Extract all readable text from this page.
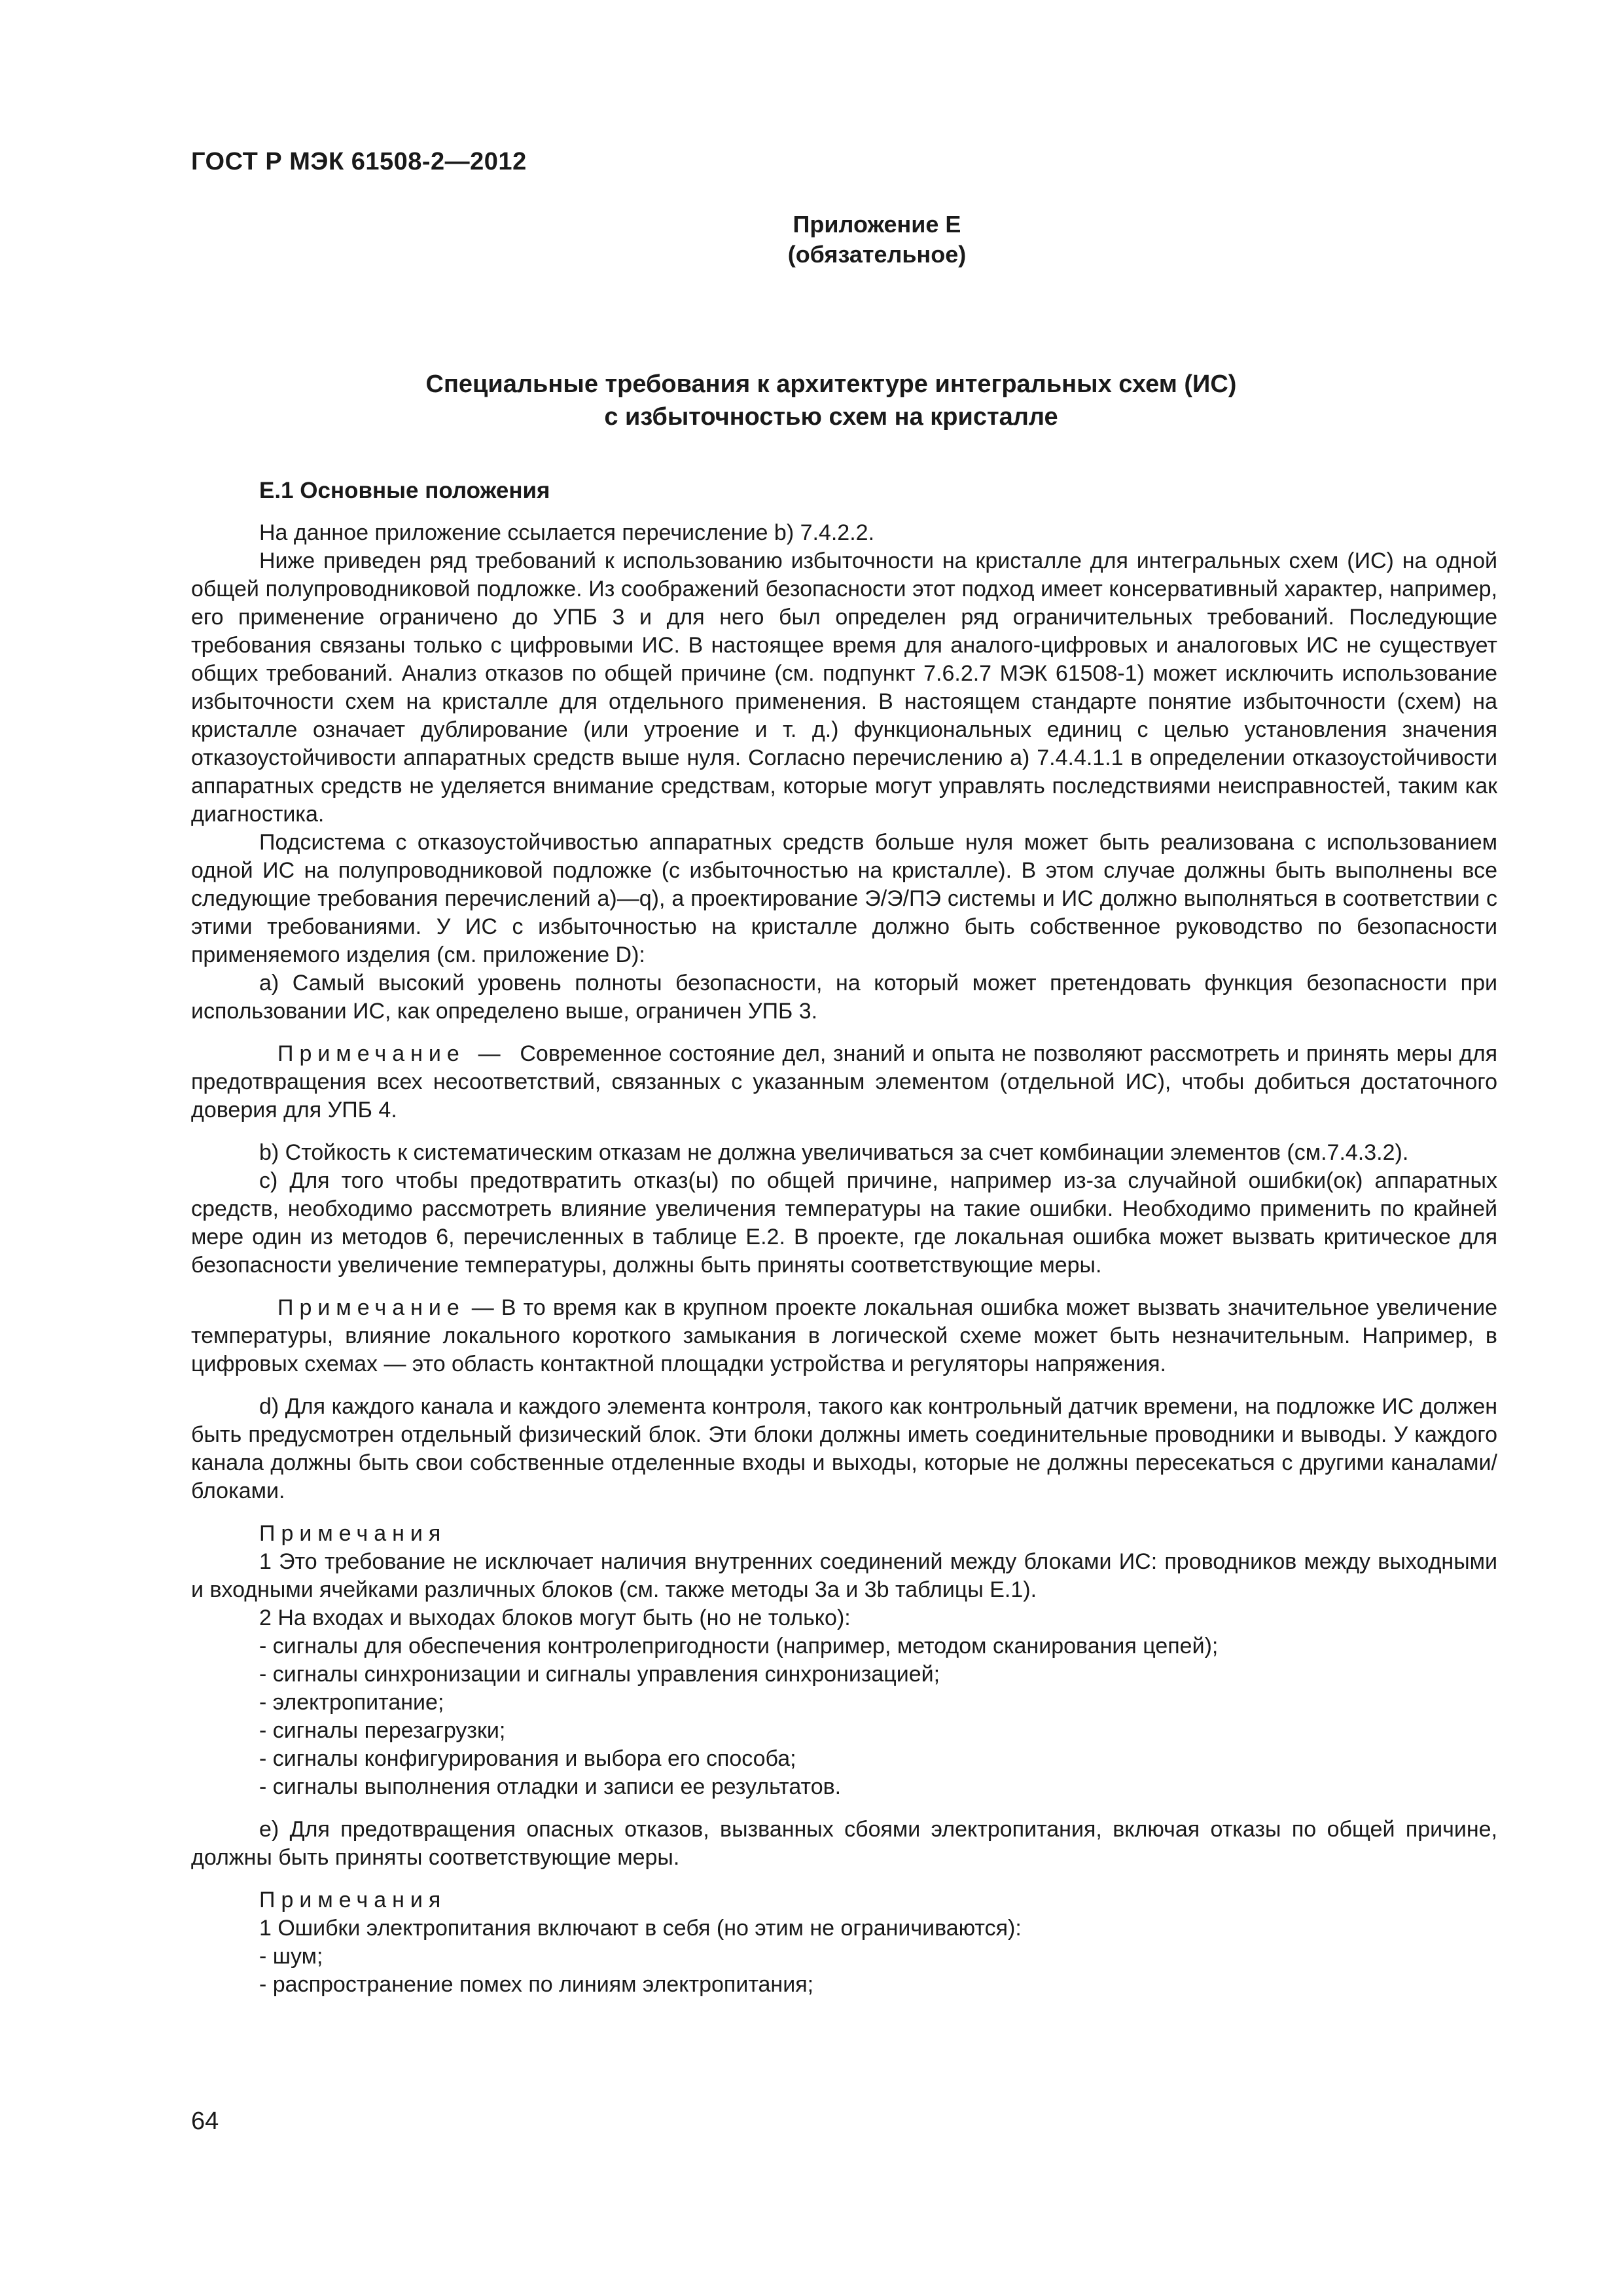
ГОСТ Р МЭК 61508-2—2012
Приложение Е
(обязательное)
Специальные требования к архитектуре интегральных схем (ИС)
с избыточностью схем на кристалле
Е.1 Основные положения

На данное приложение ссылается перечисление b) 7.4.2.2.

Ниже приведен ряд требований к использованию избыточности на кристалле для интегральных схем (ИС) на одной общей полупроводниковой подложке. Из соображений безопасности этот подход имеет консервативный характер, например, его применение ограничено до УПБ 3 и для него был определен ряд ограничительных требований. Последующие требования связаны только с цифровыми ИС. В настоящее время для аналого-цифровых и аналоговых ИС не существует общих требований. Анализ отказов по общей причине (см. подпункт 7.6.2.7 МЭК 61508-1) может исключить использование избыточности схем на кристалле для отдельного применения. В настоящем стандарте понятие избыточности (схем) на кристалле означает дублирование (или утроение и т. д.) функциональных единиц с целью установления значения отказоустойчивости аппаратных средств выше нуля. Согласно перечислению а) 7.4.4.1.1 в определении отказоустойчивости аппаратных средств не уделяется внимание средствам, которые могут управлять последствиями неисправностей, таким как диагностика.

Подсистема с отказоустойчивостью аппаратных средств больше нуля может быть реализована с использованием одной ИС на полупроводниковой подложке (с избыточностью на кристалле). В этом случае должны быть выполнены все следующие требования перечислений a)—q), а проектирование Э/Э/ПЭ системы и ИС должно выполняться в соответствии с этими требованиями. У ИС с избыточностью на кристалле должно быть собственное руководство по безопасности применяемого изделия (см. приложение D):

а) Самый высокий уровень полноты безопасности, на который может претендовать функция безопасности при использовании ИС, как определено выше, ограничен УПБ 3.

Примечание — Современное состояние дел, знаний и опыта не позволяют рассмотреть и принять меры для предотвращения всех несоответствий, связанных с указанным элементом (отдельной ИС), чтобы добиться достаточного доверия для УПБ 4.

b) Стойкость к систематическим отказам не должна увеличиваться за счет комбинации элементов (см.7.4.3.2).

с) Для того чтобы предотвратить отказ(ы) по общей причине, например из-за случайной ошибки(ок) аппаратных средств, необходимо рассмотреть влияние увеличения температуры на такие ошибки. Необходимо применить по крайней мере один из методов 6, перечисленных в таблице Е.2. В проекте, где локальная ошибка может вызвать критическое для безопасности увеличение температуры, должны быть приняты соответствующие меры.

Примечание — В то время как в крупном проекте локальная ошибка может вызвать значительное увеличение температуры, влияние локального короткого замыкания в логической схеме может быть незначительным. Например, в цифровых схемах — это область контактной площадки устройства и регуляторы напряжения.

d) Для каждого канала и каждого элемента контроля, такого как контрольный датчик времени, на подложке ИС должен быть предусмотрен отдельный физический блок. Эти блоки должны иметь соединительные проводники и выводы. У каждого канала должны быть свои собственные отделенные входы и выходы, которые не должны пересекаться с другими каналами/блоками.

Примечания
1 Это требование не исключает наличия внутренних соединений между блоками ИС: проводников между выходными и входными ячейками различных блоков (см. также методы 3а и 3b таблицы Е.1).
2 На входах и выходах блоков могут быть (но не только):
- сигналы для обеспечения контролепригодности (например, методом сканирования цепей);
- сигналы синхронизации и сигналы управления синхронизацией;
- электропитание;
- сигналы перезагрузки;
- сигналы конфигурирования и выбора его способа;
- сигналы выполнения отладки и записи ее результатов.

е) Для предотвращения опасных отказов, вызванных сбоями электропитания, включая отказы по общей причине, должны быть приняты соответствующие меры.

Примечания
1 Ошибки электропитания включают в себя (но этим не ограничиваются):
- шум;
- распространение помех по линиям электропитания;
64
